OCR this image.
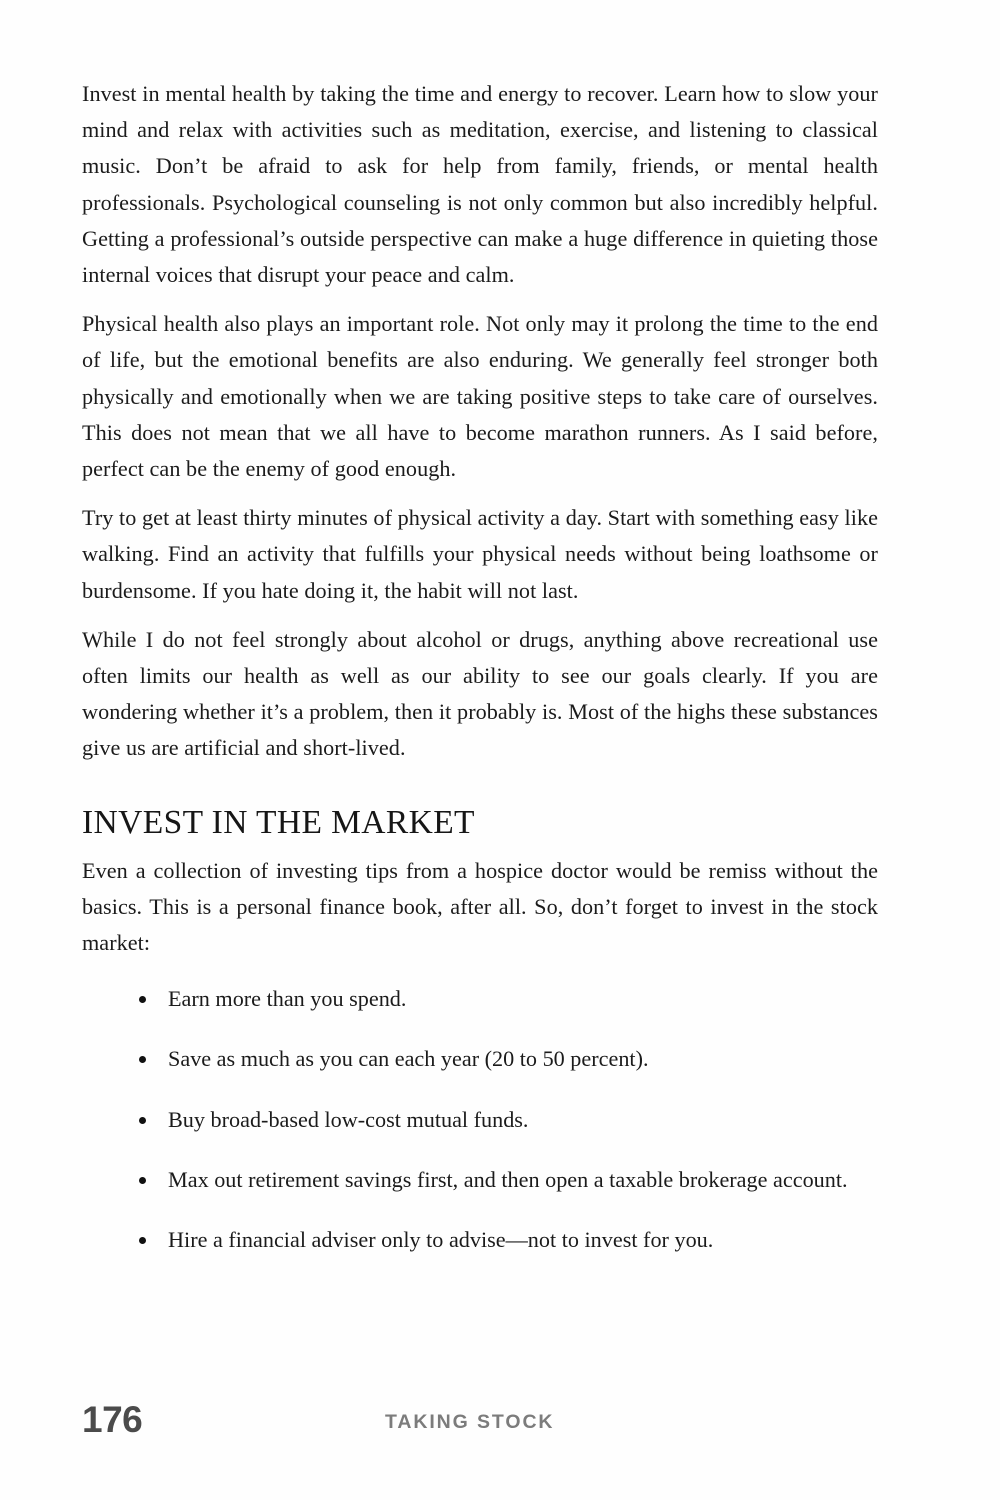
Invest in mental health by taking the time and energy to recover. Learn how to slow your mind and relax with activities such as meditation, exercise, and listening to classical music. Don’t be afraid to ask for help from family, friends, or mental health professionals. Psychological counseling is not only common but also incredibly helpful. Getting a professional’s outside perspective can make a huge difference in quieting those internal voices that disrupt your peace and calm.

Physical health also plays an important role. Not only may it prolong the time to the end of life, but the emotional benefits are also enduring. We generally feel stronger both physically and emotionally when we are taking positive steps to take care of ourselves. This does not mean that we all have to become marathon runners. As I said before, perfect can be the enemy of good enough.

Try to get at least thirty minutes of physical activity a day. Start with something easy like walking. Find an activity that fulfills your physical needs without being loathsome or burdensome. If you hate doing it, the habit will not last.

While I do not feel strongly about alcohol or drugs, anything above recreational use often limits our health as well as our ability to see our goals clearly. If you are wondering whether it’s a problem, then it probably is. Most of the highs these substances give us are artificial and short-lived.

INVEST IN THE MARKET

Even a collection of investing tips from a hospice doctor would be remiss without the basics. This is a personal finance book, after all. So, don’t forget to invest in the stock market:

Earn more than you spend.
Save as much as you can each year (20 to 50 percent).
Buy broad-based low-cost mutual funds.
Max out retirement savings first, and then open a taxable brokerage account.
Hire a financial adviser only to advise—not to invest for you.
176	TAKING STOCK
